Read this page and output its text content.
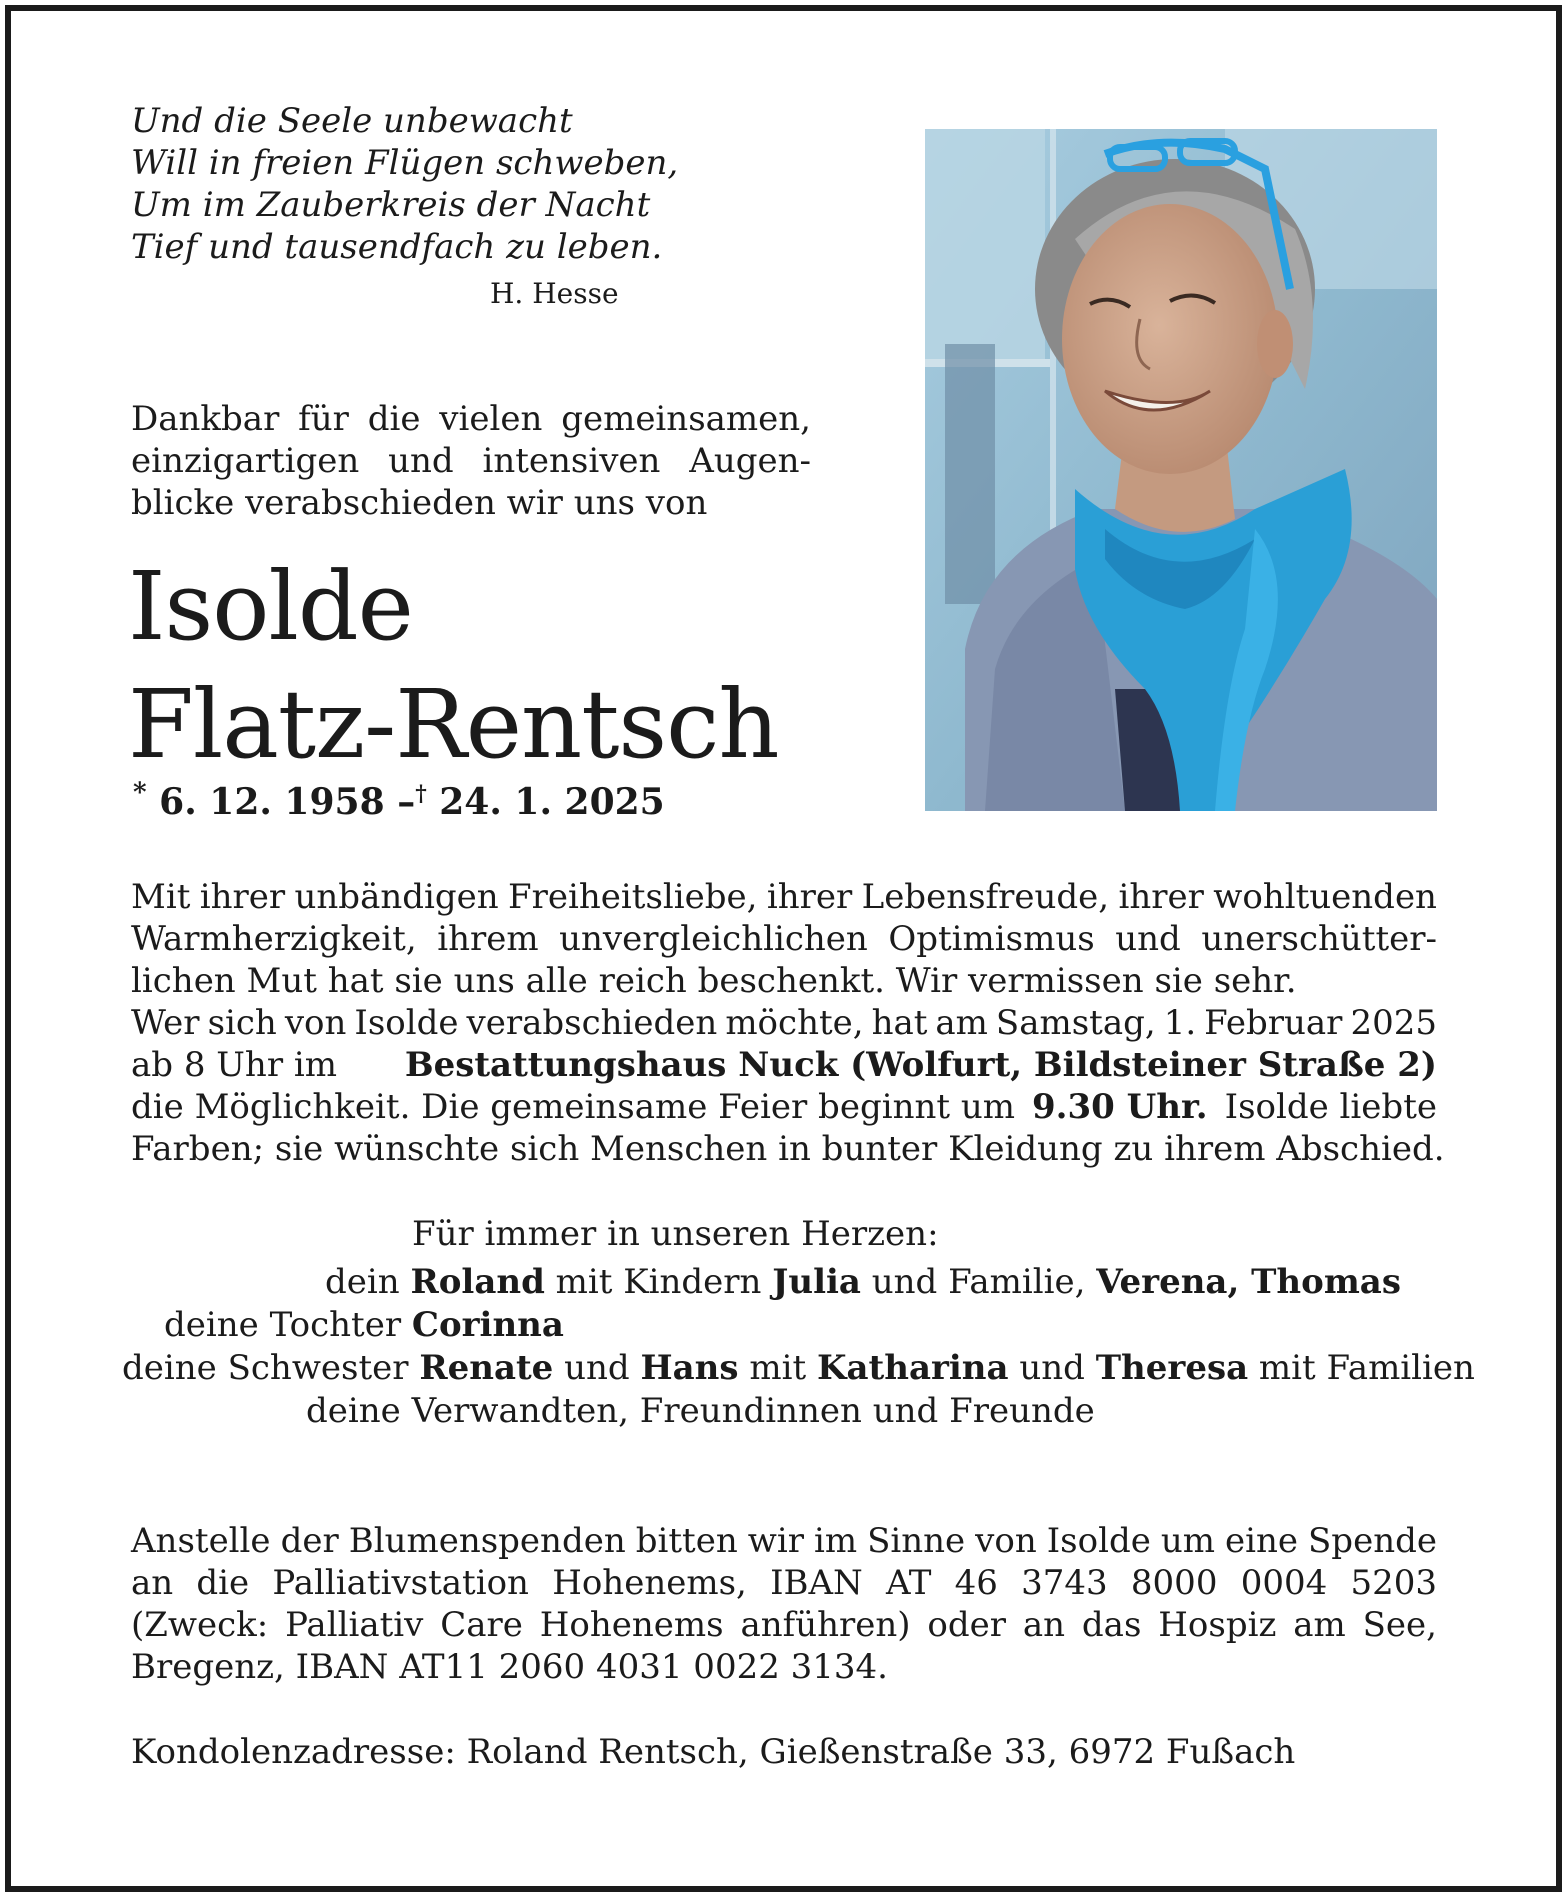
Und die Seele unbewacht
Will in freien Flügen schweben,
Um im Zauberkreis der Nacht
Tief und tausendfach zu leben.
H. Hesse
Dankbar für die vielen gemeinsamen,
einzigartigen und intensiven Augen-
blicke verabschieden wir uns von
Isolde
Flatz-Rentsch
* 6. 12. 1958 –† 24. 1. 2025
Mit ihrer unbändigen Freiheitsliebe, ihrer Lebensfreude, ihrer wohltuenden
Warmherzigkeit, ihrem unvergleichlichen Optimismus und unerschütter-
lichen Mut hat sie uns alle reich beschenkt. Wir vermissen sie sehr.
Wer sich von Isolde verabschieden möchte, hat am Samstag, 1. Februar 2025
ab 8 Uhr im Bestattungshaus Nuck (Wolfurt, Bildsteiner Straße 2)
die Möglichkeit. Die gemeinsame Feier beginnt um 9.30 Uhr. Isolde liebte
Farben; sie wünschte sich Menschen in bunter Kleidung zu ihrem Abschied.
Für immer in unseren Herzen:
dein Roland mit Kindern Julia und Familie, Verena, Thomas
deine Tochter Corinna
deine Schwester Renate und Hans mit Katharina und Theresa mit Familien
deine Verwandten, Freundinnen und Freunde
Anstelle der Blumenspenden bitten wir im Sinne von Isolde um eine Spende
an die Palliativstation Hohenems, IBAN AT 46 3743 8000 0004 5203
(Zweck: Palliativ Care Hohenems anführen) oder an das Hospiz am See,
Bregenz, IBAN AT11 2060 4031 0022 3134.
Kondolenzadresse: Roland Rentsch, Gießenstraße 33, 6972 Fußach
